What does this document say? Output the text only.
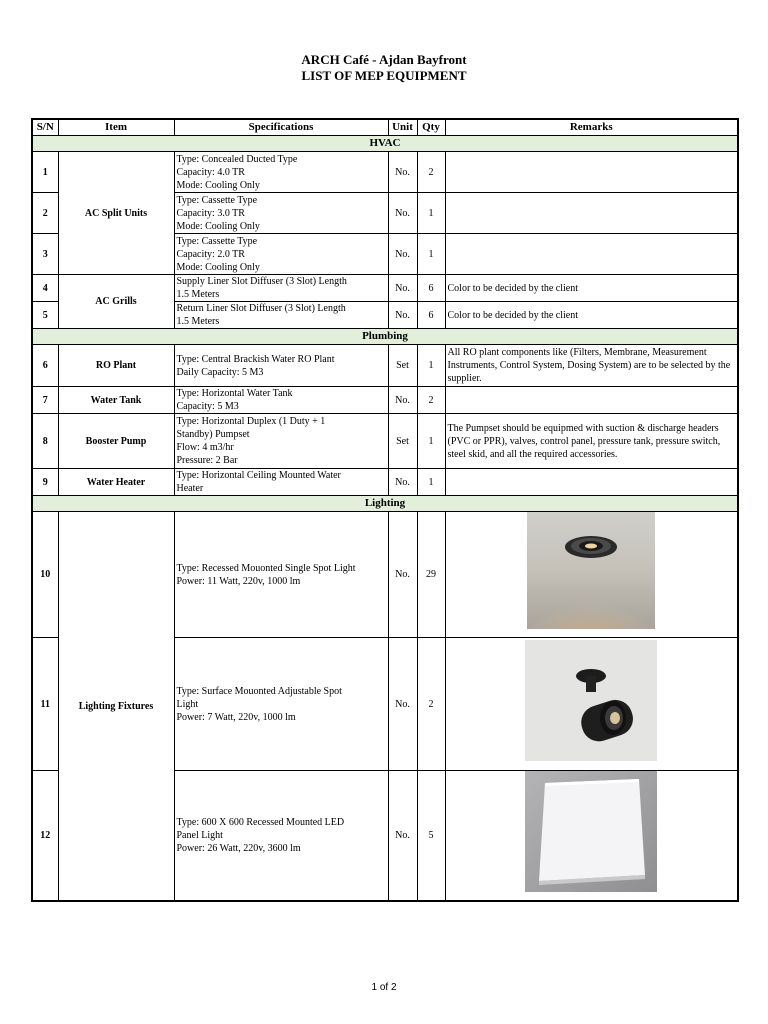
ARCH Café - Ajdan Bayfront
LIST OF MEP EQUIPMENT
S/N	Item	Specifications	Unit	Qty	Remarks
HVAC					
1	AC Split Units	Type: Concealed Ducted Type
Capacity: 4.0 TR
Mode: Cooling Only	No.	2	
2		Type: Cassette Type
Capacity: 3.0 TR
Mode: Cooling Only	No.	1	
3		Type: Cassette Type
Capacity: 2.0 TR
Mode: Cooling Only	No.	1	
4	AC Grills	Supply Liner Slot Diffuser (3 Slot) Length
1.5 Meters	No.	6	Color to be decided by the client
5		Return Liner Slot Diffuser (3 Slot) Length
1.5 Meters	No.	6	Color to be decided by the client
Plumbing					
6	RO Plant	Type: Central Brackish Water RO Plant
Daily Capacity: 5 M3	Set	1	All RO plant components like (Filters, Membrane, Measurement Instruments, Control System, Dosing System) are to be selected by the supplier.
7	Water Tank	Type: Horizontal Water Tank
Capacity: 5 M3	No.	2	
8	Booster Pump	Type: Horizontal Duplex (1 Duty + 1
Standby) Pumpset
Flow: 4 m3/hr
Pressure: 2 Bar	Set	1	The Pumpset should be equipmed with suction & discharge headers (PVC or PPR), valves, control panel, pressure tank, pressure switch, steel skid, and all the required accessories.
9	Water Heater	Type: Horizontal Ceiling Mounted Water
Heater	No.	1	
Lighting					
10	Lighting Fixtures	Type: Recessed Mouonted Single Spot Light
Power: 11 Watt, 220v, 1000 lm	No.	29	
11		Type: Surface Mouonted Adjustable Spot
Light
Power: 7 Watt, 220v, 1000 lm	No.	2	
12		Type: 600 X 600 Recessed Mounted LED
Panel Light
Power: 26 Watt, 220v, 3600 lm	No.	5	
1 of 2
